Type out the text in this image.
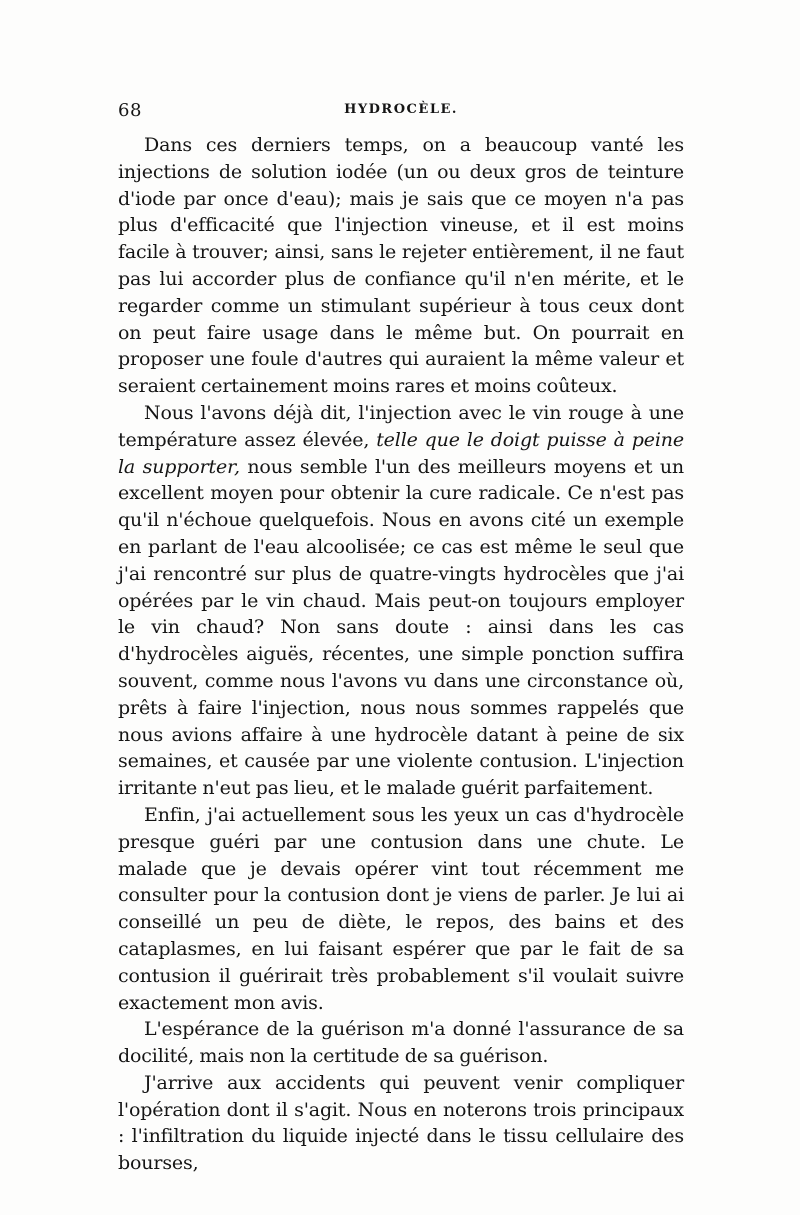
68	HYDROCÈLE.

Dans ces derniers temps, on a beaucoup vanté les injections de solution iodée (un ou deux gros de teinture d'iode par once d'eau); mais je sais que ce moyen n'a pas plus d'efficacité que l'injection vineuse, et il est moins facile à trouver; ainsi, sans le rejeter entièrement, il ne faut pas lui accorder plus de confiance qu'il n'en mérite, et le regarder comme un stimulant supérieur à tous ceux dont on peut faire usage dans le même but. On pourrait en proposer une foule d'autres qui auraient la même valeur et seraient certainement moins rares et moins coûteux.

Nous l'avons déjà dit, l'injection avec le vin rouge à une température assez élevée, telle que le doigt puisse à peine la supporter, nous semble l'un des meilleurs moyens et un excellent moyen pour obtenir la cure radicale. Ce n'est pas qu'il n'échoue quelquefois. Nous en avons cité un exemple en parlant de l'eau alcoolisée; ce cas est même le seul que j'ai rencontré sur plus de quatre-vingts hydrocèles que j'ai opérées par le vin chaud. Mais peut-on toujours employer le vin chaud? Non sans doute : ainsi dans les cas d'hydrocèles aiguës, récentes, une simple ponction suffira souvent, comme nous l'avons vu dans une circonstance où, prêts à faire l'injection, nous nous sommes rappelés que nous avions affaire à une hydrocèle datant à peine de six semaines, et causée par une violente contusion. L'injection irritante n'eut pas lieu, et le malade guérit parfaitement.

Enfin, j'ai actuellement sous les yeux un cas d'hydrocèle presque guéri par une contusion dans une chute. Le malade que je devais opérer vint tout récemment me consulter pour la contusion dont je viens de parler. Je lui ai conseillé un peu de diète, le repos, des bains et des cataplasmes, en lui faisant espérer que par le fait de sa contusion il guérirait très probablement s'il voulait suivre exactement mon avis.

L'espérance de la guérison m'a donné l'assurance de sa docilité, mais non la certitude de sa guérison.

J'arrive aux accidents qui peuvent venir compliquer l'opération dont il s'agit. Nous en noterons trois principaux : l'infiltration du liquide injecté dans le tissu cellulaire des bourses,
